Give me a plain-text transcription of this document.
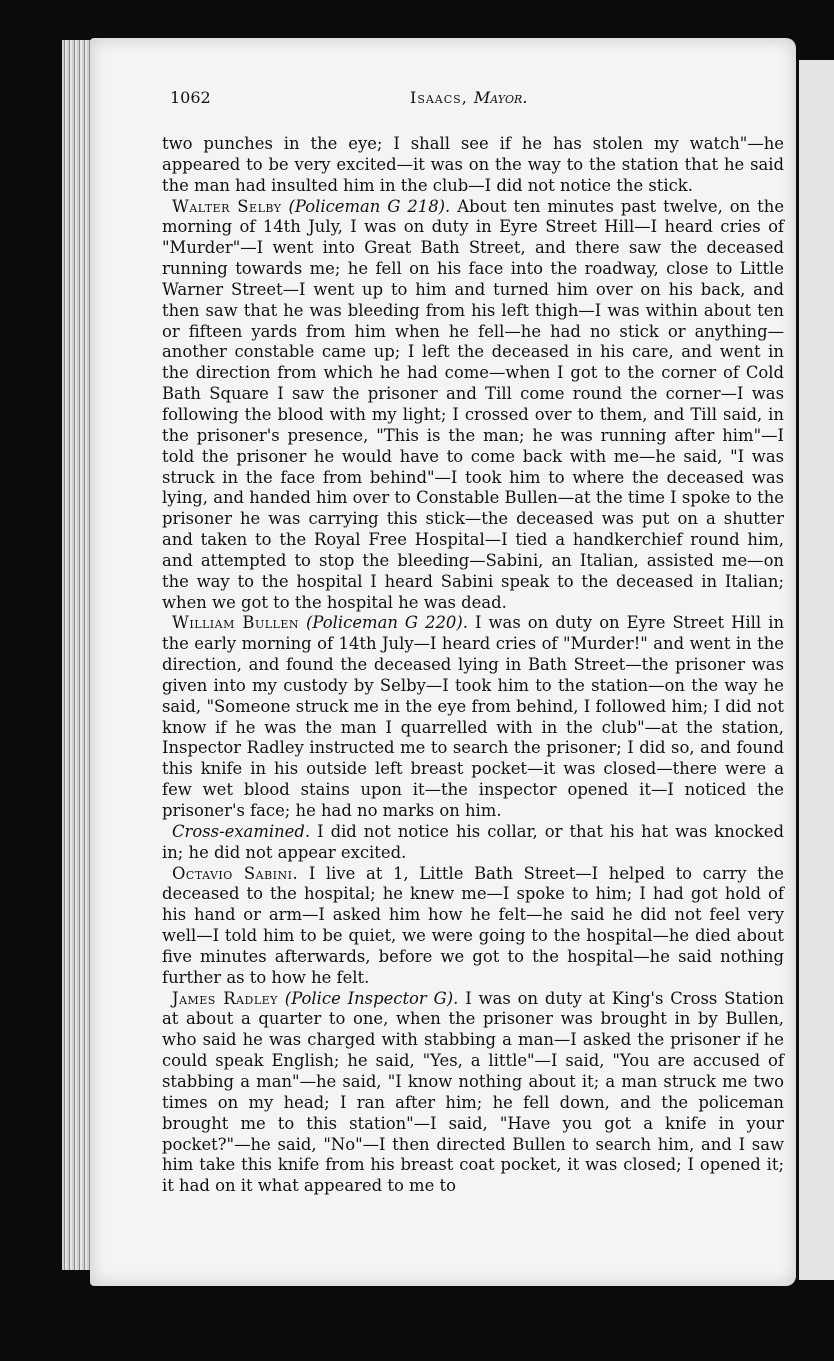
1062	Isaacs, Mayor.

two punches in the eye; I shall see if he has stolen my watch"—he appeared to be very excited—it was on the way to the station that he said the man had insulted him in the club—I did not notice the stick.

Walter Selby (Policeman G 218). About ten minutes past twelve, on the morning of 14th July, I was on duty in Eyre Street Hill—I heard cries of "Murder"—I went into Great Bath Street, and there saw the deceased running towards me; he fell on his face into the roadway, close to Little Warner Street—I went up to him and turned him over on his back, and then saw that he was bleeding from his left thigh—I was within about ten or fifteen yards from him when he fell—he had no stick or anything—another constable came up; I left the deceased in his care, and went in the direction from which he had come—when I got to the corner of Cold Bath Square I saw the prisoner and Till come round the corner—I was following the blood with my light; I crossed over to them, and Till said, in the prisoner's presence, "This is the man; he was running after him"—I told the prisoner he would have to come back with me—he said, "I was struck in the face from behind"—I took him to where the deceased was lying, and handed him over to Constable Bullen—at the time I spoke to the prisoner he was carrying this stick—the deceased was put on a shutter and taken to the Royal Free Hospital—I tied a handkerchief round him, and attempted to stop the bleeding—Sabini, an Italian, assisted me—on the way to the hospital I heard Sabini speak to the deceased in Italian; when we got to the hospital he was dead.

William Bullen (Policeman G 220). I was on duty on Eyre Street Hill in the early morning of 14th July—I heard cries of "Murder!" and went in the direction, and found the deceased lying in Bath Street—the prisoner was given into my custody by Selby—I took him to the station—on the way he said, "Someone struck me in the eye from behind, I followed him; I did not know if he was the man I quarrelled with in the club"—at the station, Inspector Radley instructed me to search the prisoner; I did so, and found this knife in his outside left breast pocket—it was closed—there were a few wet blood stains upon it—the inspector opened it—I noticed the prisoner's face; he had no marks on him.

Cross-examined. I did not notice his collar, or that his hat was knocked in; he did not appear excited.

Octavio Sabini. I live at 1, Little Bath Street—I helped to carry the deceased to the hospital; he knew me—I spoke to him; I had got hold of his hand or arm—I asked him how he felt—he said he did not feel very well—I told him to be quiet, we were going to the hospital—he died about five minutes afterwards, before we got to the hospital—he said nothing further as to how he felt.

James Radley (Police Inspector G). I was on duty at King's Cross Station at about a quarter to one, when the prisoner was brought in by Bullen, who said he was charged with stabbing a man—I asked the prisoner if he could speak English; he said, "Yes, a little"—I said, "You are accused of stabbing a man"—he said, "I know nothing about it; a man struck me two times on my head; I ran after him; he fell down, and the policeman brought me to this station"—I said, "Have you got a knife in your pocket?"—he said, "No"—I then directed Bullen to search him, and I saw him take this knife from his breast coat pocket, it was closed; I opened it; it had on it what appeared to me to
